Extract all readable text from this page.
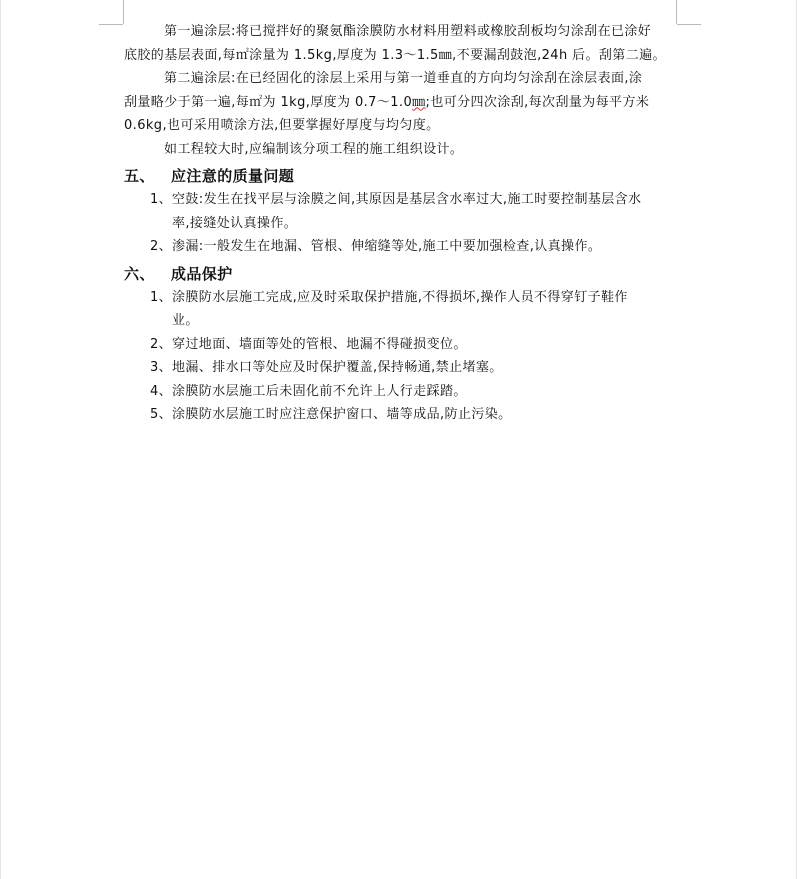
第一遍涂层:将已搅拌好的聚氨酯涂膜防水材料用塑料或橡胶刮板均匀涂刮在已涂好

底胶的基层表面,每㎡涂量为 1.5kg,厚度为 1.3～1.5㎜,不要漏刮鼓泡,24h 后。刮第二遍。

第二遍涂层:在已经固化的涂层上采用与第一道垂直的方向均匀涂刮在涂层表面,涂

刮量略少于第一遍,每㎡为 1kg,厚度为 0.7～1.0㎜;也可分四次涂刮,每次刮量为每平方米

0.6kg,也可采用喷涂方法,但要掌握好厚度与均匀度。

如工程较大时,应编制该分项工程的施工组织设计。

五、 应注意的质量问题

1、空鼓:发生在找平层与涂膜之间,其原因是基层含水率过大,施工时要控制基层含水

率,接缝处认真操作。

2、渗漏:一般发生在地漏、管根、伸缩缝等处,施工中要加强检查,认真操作。

六、 成品保护

1、涂膜防水层施工完成,应及时采取保护措施,不得损坏,操作人员不得穿钉子鞋作

业。

2、穿过地面、墙面等处的管根、地漏不得碰损变位。

3、地漏、排水口等处应及时保护覆盖,保持畅通,禁止堵塞。

4、涂膜防水层施工后未固化前不允许上人行走踩踏。

5、涂膜防水层施工时应注意保护窗口、墙等成品,防止污染。
